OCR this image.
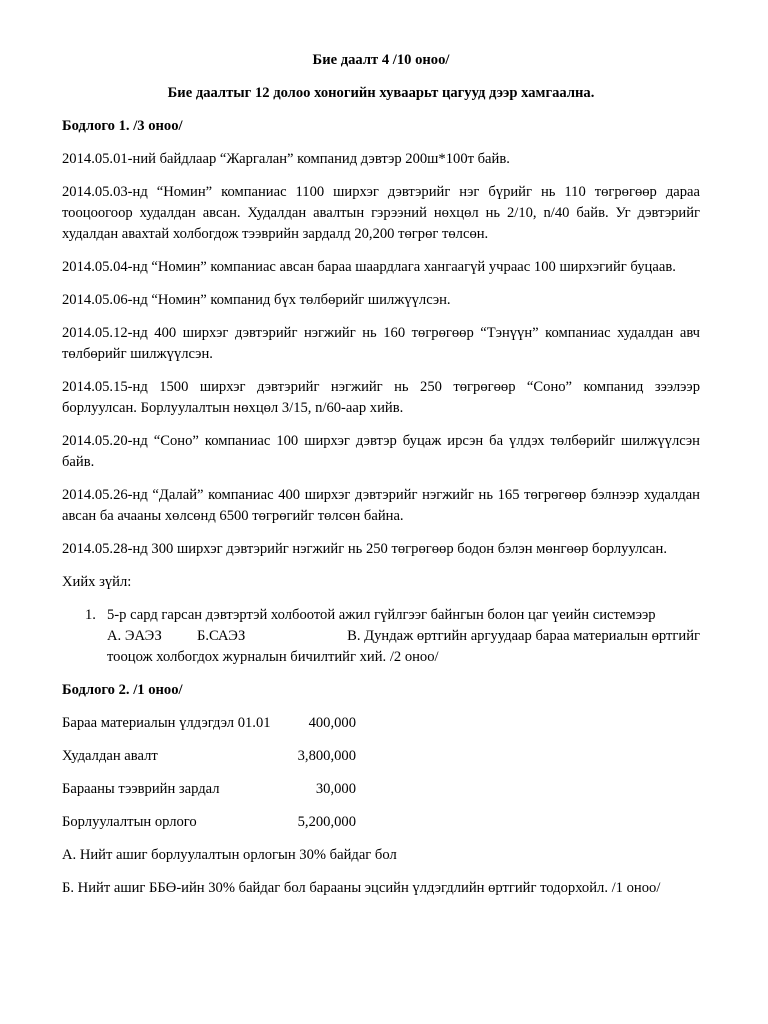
Бие даалт 4 /10 оноо/
Бие даалтыг 12 долоо хоногийн хуваарьт цагууд дээр хамгаална.
Бодлого 1. /3 оноо/

2014.05.01-ний байдлаар “Жаргалан” компанид дэвтэр 200ш*100т байв.

2014.05.03-нд “Номин” компаниас 1100 ширхэг дэвтэрийг нэг бүрийг нь 110 төгрөгөөр дараа тооцоогоор худалдан авсан. Худалдан авалтын гэрээний нөхцөл нь 2/10, n/40 байв. Уг дэвтэрийг худалдан авахтай холбогдож тээврийн зардалд 20,200 төгрөг төлсөн.

2014.05.04-нд “Номин” компаниас авсан бараа шаардлага хангаагүй учраас 100 ширхэгийг буцаав.

2014.05.06-нд “Номин” компанид бүх төлбөрийг шилжүүлсэн.

2014.05.12-нд 400 ширхэг дэвтэрийг нэгжийг нь 160 төгрөгөөр “Тэнүүн” компаниас худалдан авч төлбөрийг шилжүүлсэн.

2014.05.15-нд 1500 ширхэг дэвтэрийг нэгжийг нь 250 төгрөгөөр “Соно” компанид зээлээр борлуулсан. Борлуулалтын нөхцөл 3/15, n/60-аар хийв.

2014.05.20-нд “Соно” компаниас 100 ширхэг дэвтэр буцаж ирсэн ба үлдэх төлбөрийг шилжүүлсэн байв.

2014.05.26-нд “Далай” компаниас 400 ширхэг дэвтэрийг нэгжийг нь 165 төгрөгөөр бэлнээр худалдан авсан ба ачааны хөлсөнд 6500 төгрөгийг төлсөн байна.

2014.05.28-нд 300 ширхэг дэвтэрийг нэгжийг нь 250 төгрөгөөр бодон бэлэн мөнгөөр борлуулсан.

Хийх зүйл:

1. 5-р сард гарсан дэвтэртэй холбоотой ажил гүйлгээг байнгын болон цаг үеийн системээр
А. ЭАЭЗ	Б.САЭЗ	В. Дундаж өртгийн аргуудаар бараа материалын өртгийг
тооцож холбогдох журналын бичилтийг хий. /2 оноо/
Бодлого 2. /1 оноо/
Бараа материалын үлдэгдэл 01.01	400,000
Худалдан авалт	3,800,000
Барааны тээврийн зардал	30,000
Борлуулалтын орлого	5,200,000

А. Нийт ашиг борлуулалтын орлогын 30% байдаг бол

Б. Нийт ашиг ББӨ-ийн 30% байдаг бол барааны эцсийн үлдэгдлийн өртгийг тодорхойл. /1 оноо/
